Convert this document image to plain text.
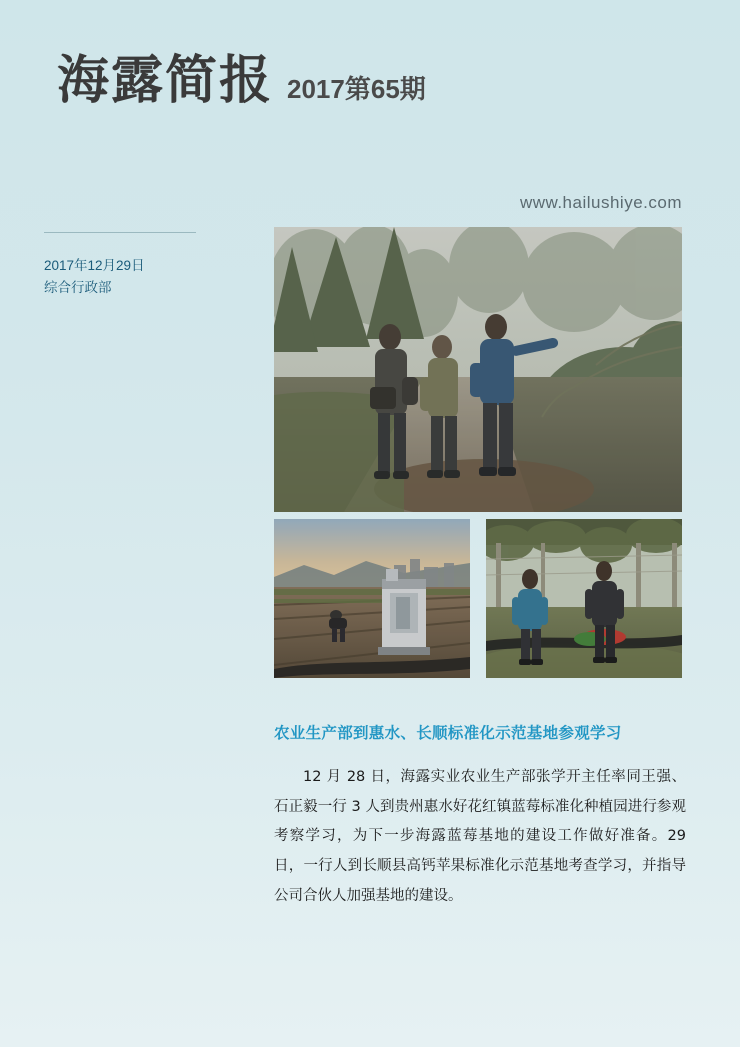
海露简报 2017第65期
www.hailushiye.com
2017年12月29日
综合行政部
农业生产部到惠水、长顺标准化示范基地参观学习
12 月 28 日，海露实业农业生产部张学开主任率同王强、石正毅一行 3 人到贵州惠水好花红镇蓝莓标准化种植园进行参观考察学习，为下一步海露蓝莓基地的建设工作做好准备。29 日，一行人到长顺县高钙苹果标准化示范基地考查学习，并指导公司合伙人加强基地的建设。
